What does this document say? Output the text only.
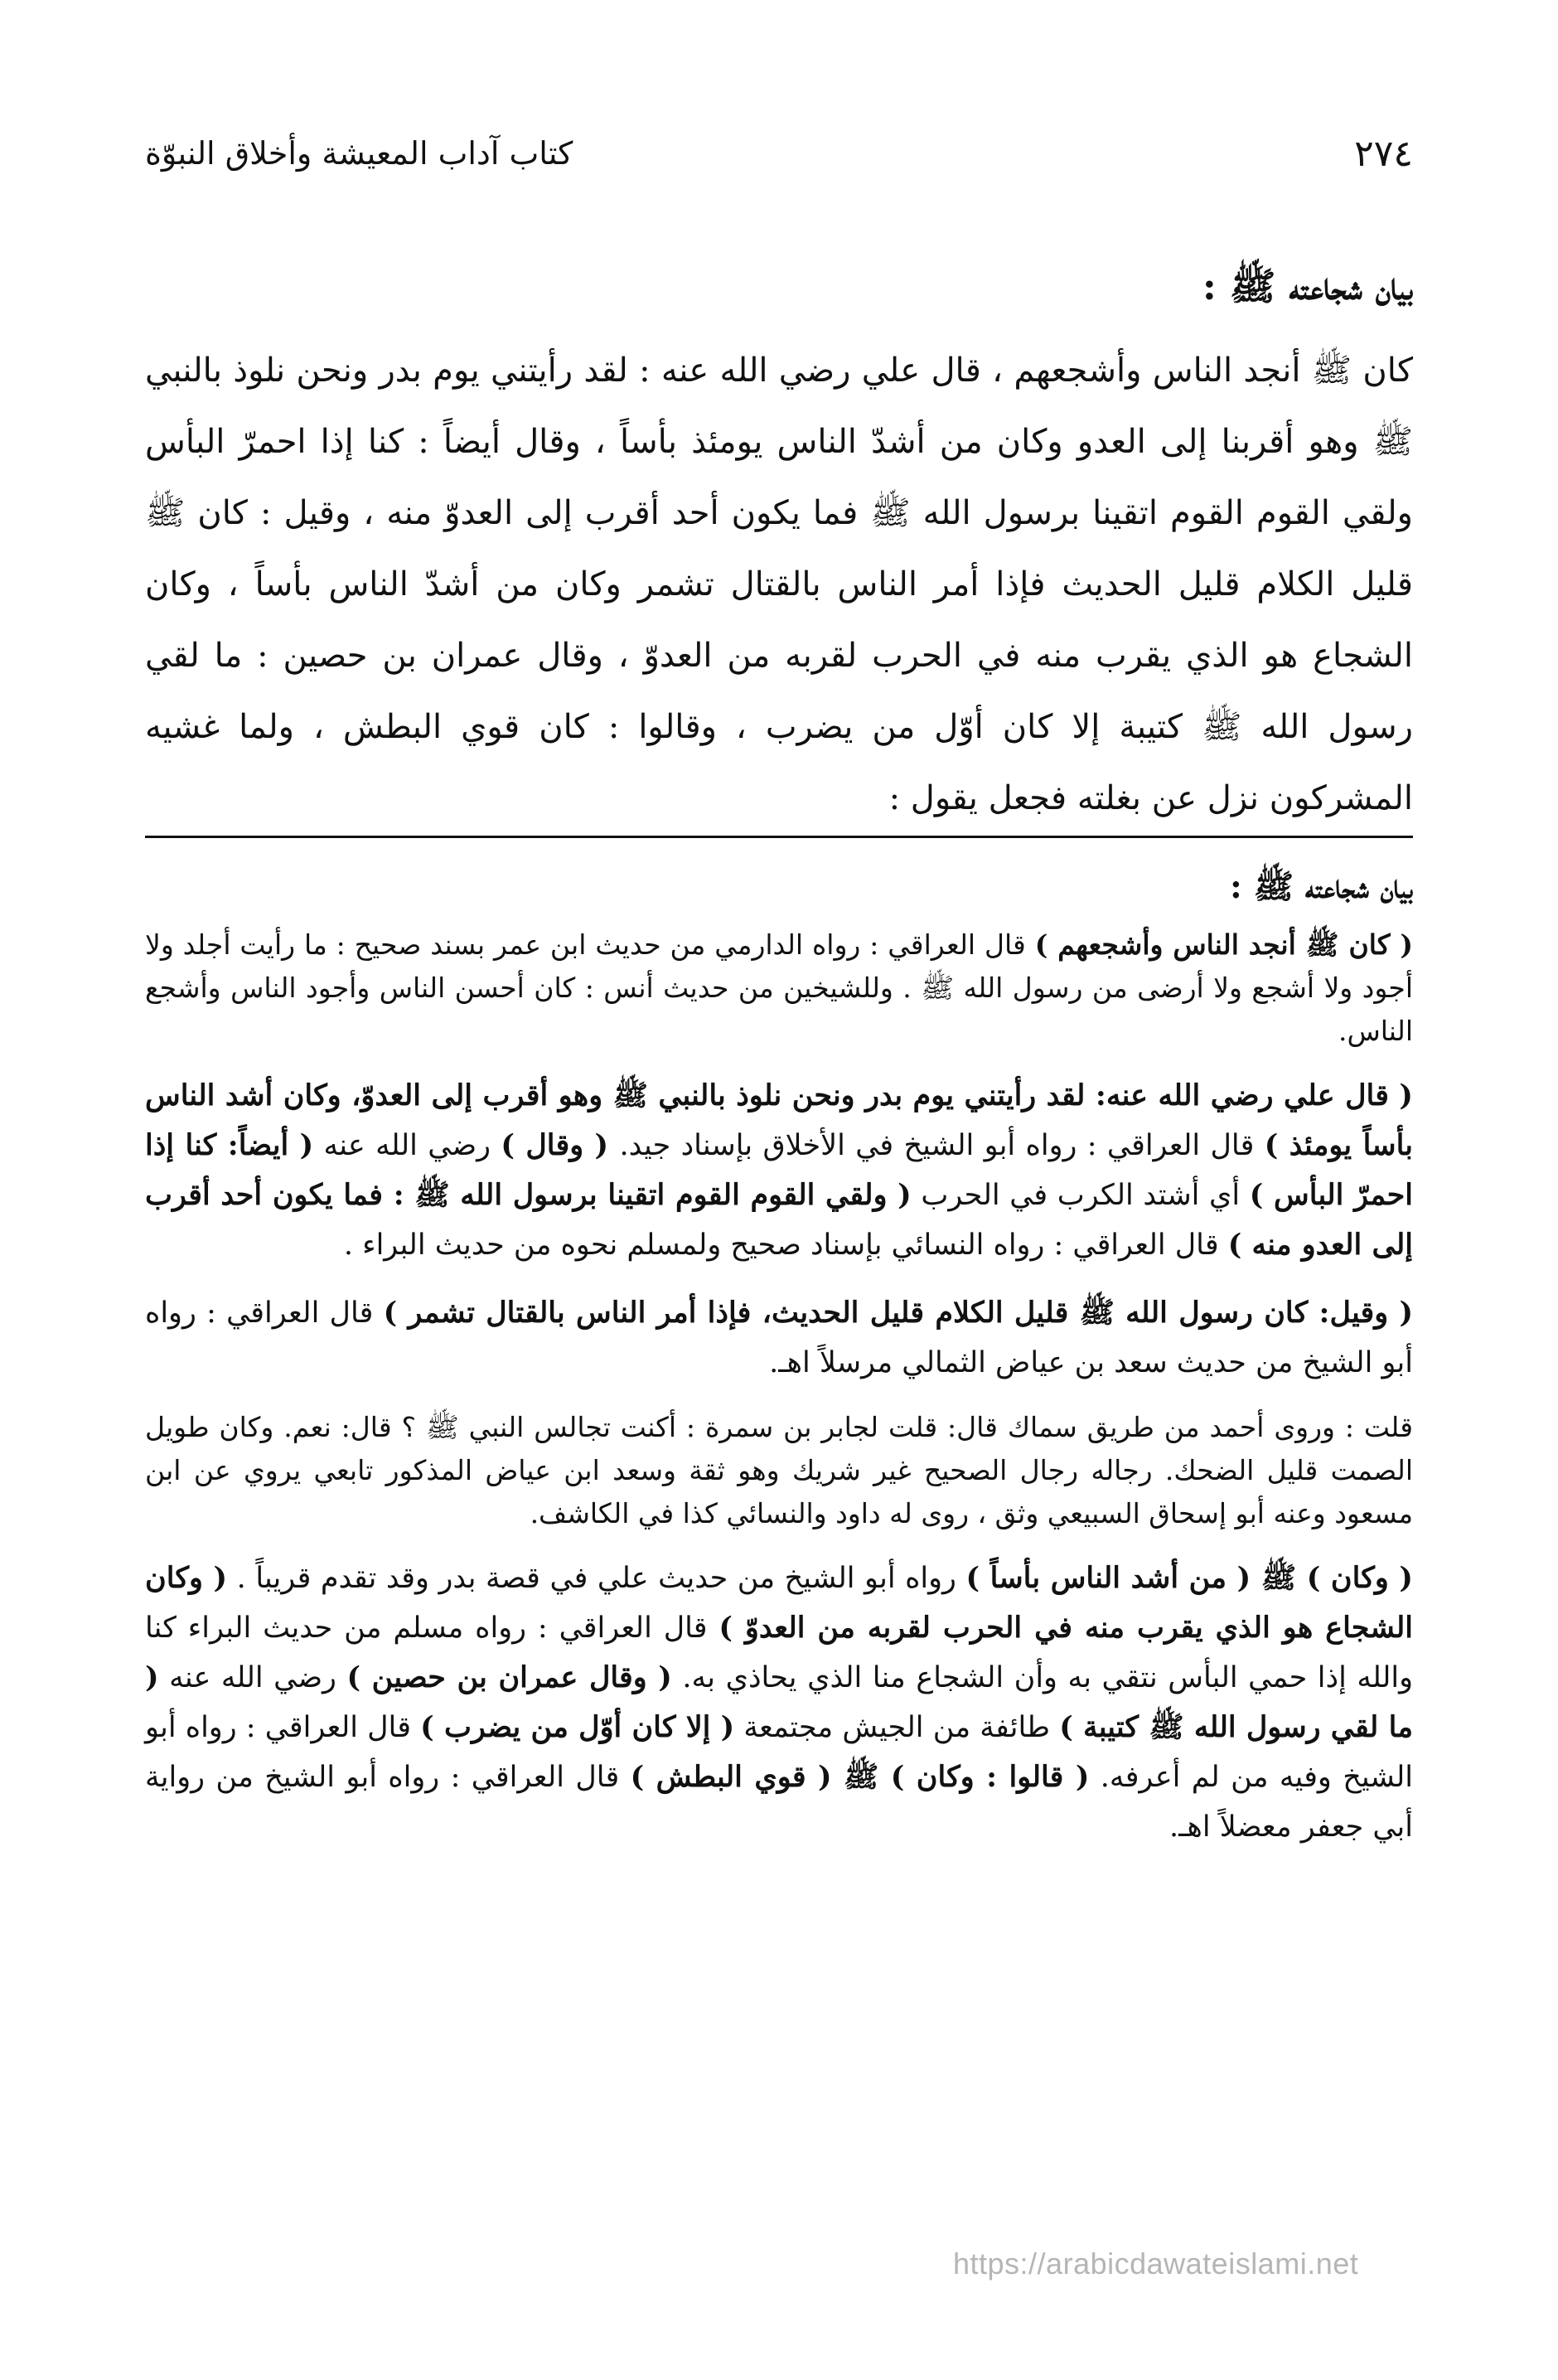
٢٧٤
كتاب آداب المعيشة وأخلاق النبوّة
بيان شجاعته ﷺ :

كان ﷺ أنجد الناس وأشجعهم ، قال علي رضي الله عنه : لقد رأيتني يوم بدر ونحن نلوذ بالنبي ﷺ وهو أقربنا إلى العدو وكان من أشدّ الناس يومئذ بأساً ، وقال أيضاً : كنا إذا احمرّ البأس ولقي القوم القوم اتقينا برسول الله ﷺ فما يكون أحد أقرب إلى العدوّ منه ، وقيل : كان ﷺ قليل الكلام قليل الحديث فإذا أمر الناس بالقتال تشمر وكان من أشدّ الناس بأساً ، وكان الشجاع هو الذي يقرب منه في الحرب لقربه من العدوّ ، وقال عمران بن حصين : ما لقي رسول الله ﷺ كتيبة إلا كان أوّل من يضرب ، وقالوا : كان قوي البطش ، ولما غشيه المشركون نزل عن بغلته فجعل يقول :

بيان شجاعته ﷺ :

( كان ﷺ أنجد الناس وأشجعهم ) قال العراقي : رواه الدارمي من حديث ابن عمر بسند صحيح : ما رأيت أجلد ولا أجود ولا أشجع ولا أرضى من رسول الله ﷺ . وللشيخين من حديث أنس : كان أحسن الناس وأجود الناس وأشجع الناس.

( قال علي رضي الله عنه: لقد رأيتني يوم بدر ونحن نلوذ بالنبي ﷺ وهو أقرب إلى العدوّ، وكان أشد الناس بأساً يومئذ ) قال العراقي : رواه أبو الشيخ في الأخلاق بإسناد جيد. ( وقال ) رضي الله عنه ( أيضاً: كنا إذا احمرّ البأس ) أي أشتد الكرب في الحرب ( ولقي القوم القوم اتقينا برسول الله ﷺ : فما يكون أحد أقرب إلى العدو منه ) قال العراقي : رواه النسائي بإسناد صحيح ولمسلم نحوه من حديث البراء .

( وقيل: كان رسول الله ﷺ قليل الكلام قليل الحديث، فإذا أمر الناس بالقتال تشمر ) قال العراقي : رواه أبو الشيخ من حديث سعد بن عياض الثمالي مرسلاً اهـ.

قلت : وروى أحمد من طريق سماك قال: قلت لجابر بن سمرة : أكنت تجالس النبي ﷺ ؟ قال: نعم. وكان طويل الصمت قليل الضحك. رجاله رجال الصحيح غير شريك وهو ثقة وسعد ابن عياض المذكور تابعي يروي عن ابن مسعود وعنه أبو إسحاق السبيعي وثق ، روى له داود والنسائي كذا في الكاشف.

( وكان ) ﷺ ( من أشد الناس بأساً ) رواه أبو الشيخ من حديث علي في قصة بدر وقد تقدم قريباً . ( وكان الشجاع هو الذي يقرب منه في الحرب لقربه من العدوّ ) قال العراقي : رواه مسلم من حديث البراء كنا والله إذا حمي البأس نتقي به وأن الشجاع منا الذي يحاذي به. ( وقال عمران بن حصين ) رضي الله عنه ( ما لقي رسول الله ﷺ كتيبة ) طائفة من الجيش مجتمعة ( إلا كان أوّل من يضرب ) قال العراقي : رواه أبو الشيخ وفيه من لم أعرفه. ( قالوا : وكان ) ﷺ ( قوي البطش ) قال العراقي : رواه أبو الشيخ من رواية أبي جعفر معضلاً اهـ.

https://arabicdawateislami.net
